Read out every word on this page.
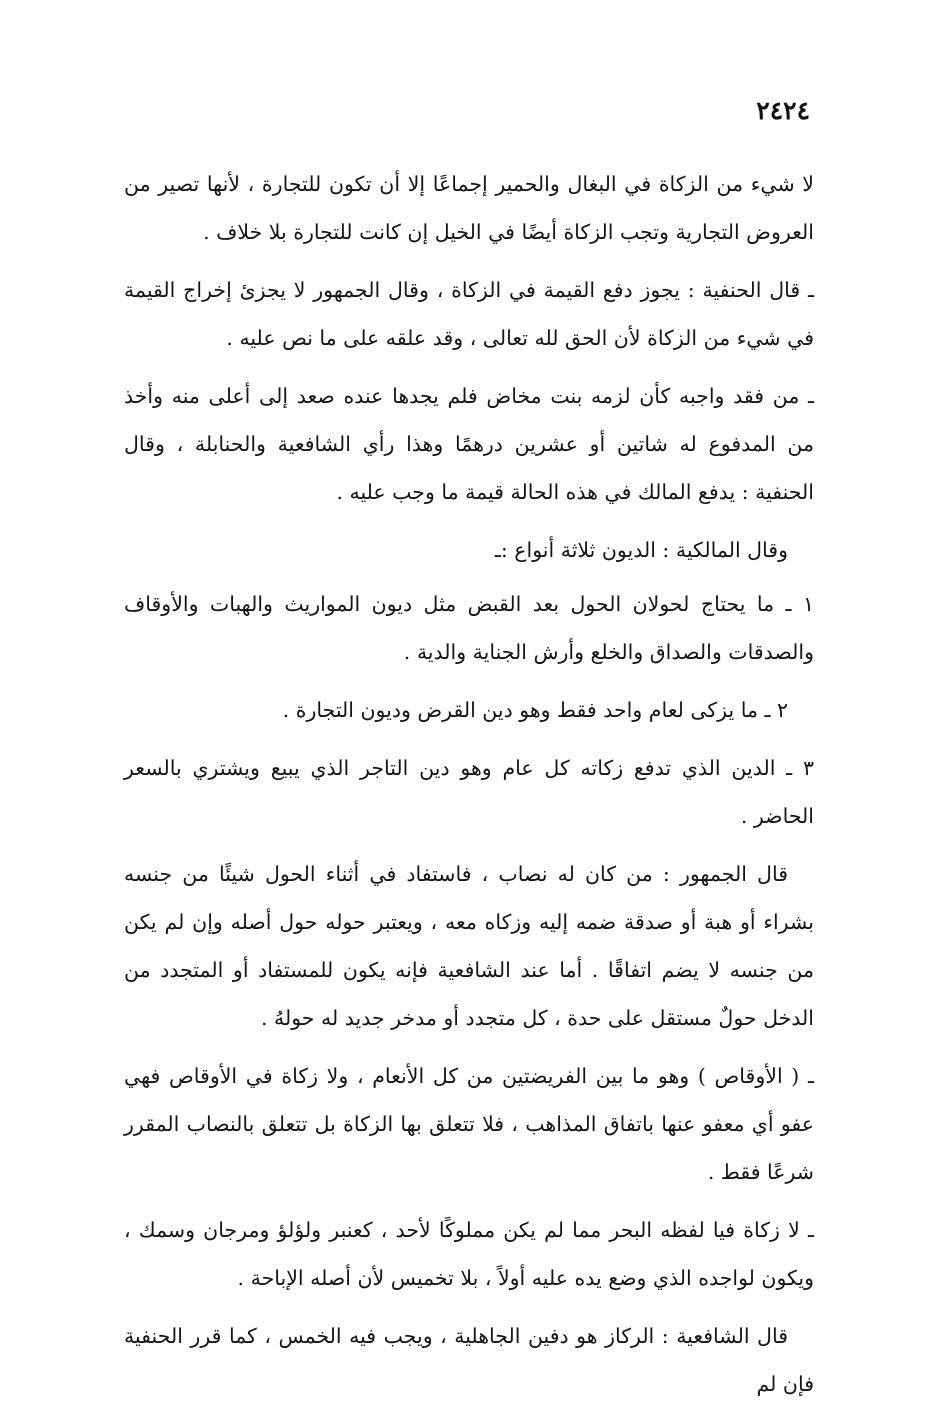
٢٤٢٤

لا شيء من الزكاة في البغال والحمير إجماعًا إلا أن تكون للتجارة ، لأنها تصير من العروض التجارية وتجب الزكاة أيضًا في الخيل إن كانت للتجارة بلا خلاف .

ـ قال الحنفية : يجوز دفع القيمة في الزكاة ، وقال الجمهور لا يجزئ إخراج القيمة في شيء من الزكاة لأن الحق لله تعالى ، وقد علقه على ما نص عليه .

ـ من فقد واجبه كأن لزمه بنت مخاض فلم يجدها عنده صعد إلى أعلى منه وأخذ من المدفوع له شاتين أو عشرين درهمًا وهذا رأي الشافعية والحنابلة ، وقال الحنفية : يدفع المالك في هذه الحالة قيمة ما وجب عليه .

وقال المالكية : الديون ثلاثة أنواع :ـ

١ ـ ما يحتاج لحولان الحول بعد القبض مثل ديون المواريث والهبات والأوقاف والصدقات والصداق والخلع وأرش الجناية والدية .

٢ ـ ما يزكى لعام واحد فقط وهو دين القرض وديون التجارة .

٣ ـ الدين الذي تدفع زكاته كل عام وهو دين التاجر الذي يبيع ويشتري بالسعر الحاضر .

قال الجمهور : من كان له نصاب ، فاستفاد في أثناء الحول شيئًا من جنسه بشراء أو هبة أو صدقة ضمه إليه وزكاه معه ، ويعتبر حوله حول أصله وإن لم يكن من جنسه لا يضم اتفاقًا . أما عند الشافعية فإنه يكون للمستفاد أو المتجدد من الدخل حولٌ مستقل على حدة ، كل متجدد أو مدخر جديد له حولهُ .

ـ ( الأوقاص ) وهو ما بين الفريضتين من كل الأنعام ، ولا زكاة في الأوقاص فهي عفو أي معفو عنها باتفاق المذاهب ، فلا تتعلق بها الزكاة بل تتعلق بالنصاب المقرر شرعًا فقط .

ـ لا زكاة فيا لفظه البحر مما لم يكن مملوكًا لأحد ، كعنبر ولؤلؤ ومرجان وسمك ، ويكون لواجده الذي وضع يده عليه أولاً ، بلا تخميس لأن أصله الإباحة .

قال الشافعية : الركاز هو دفين الجاهلية ، ويجب فيه الخمس ، كما قرر الحنفية فإن لم
